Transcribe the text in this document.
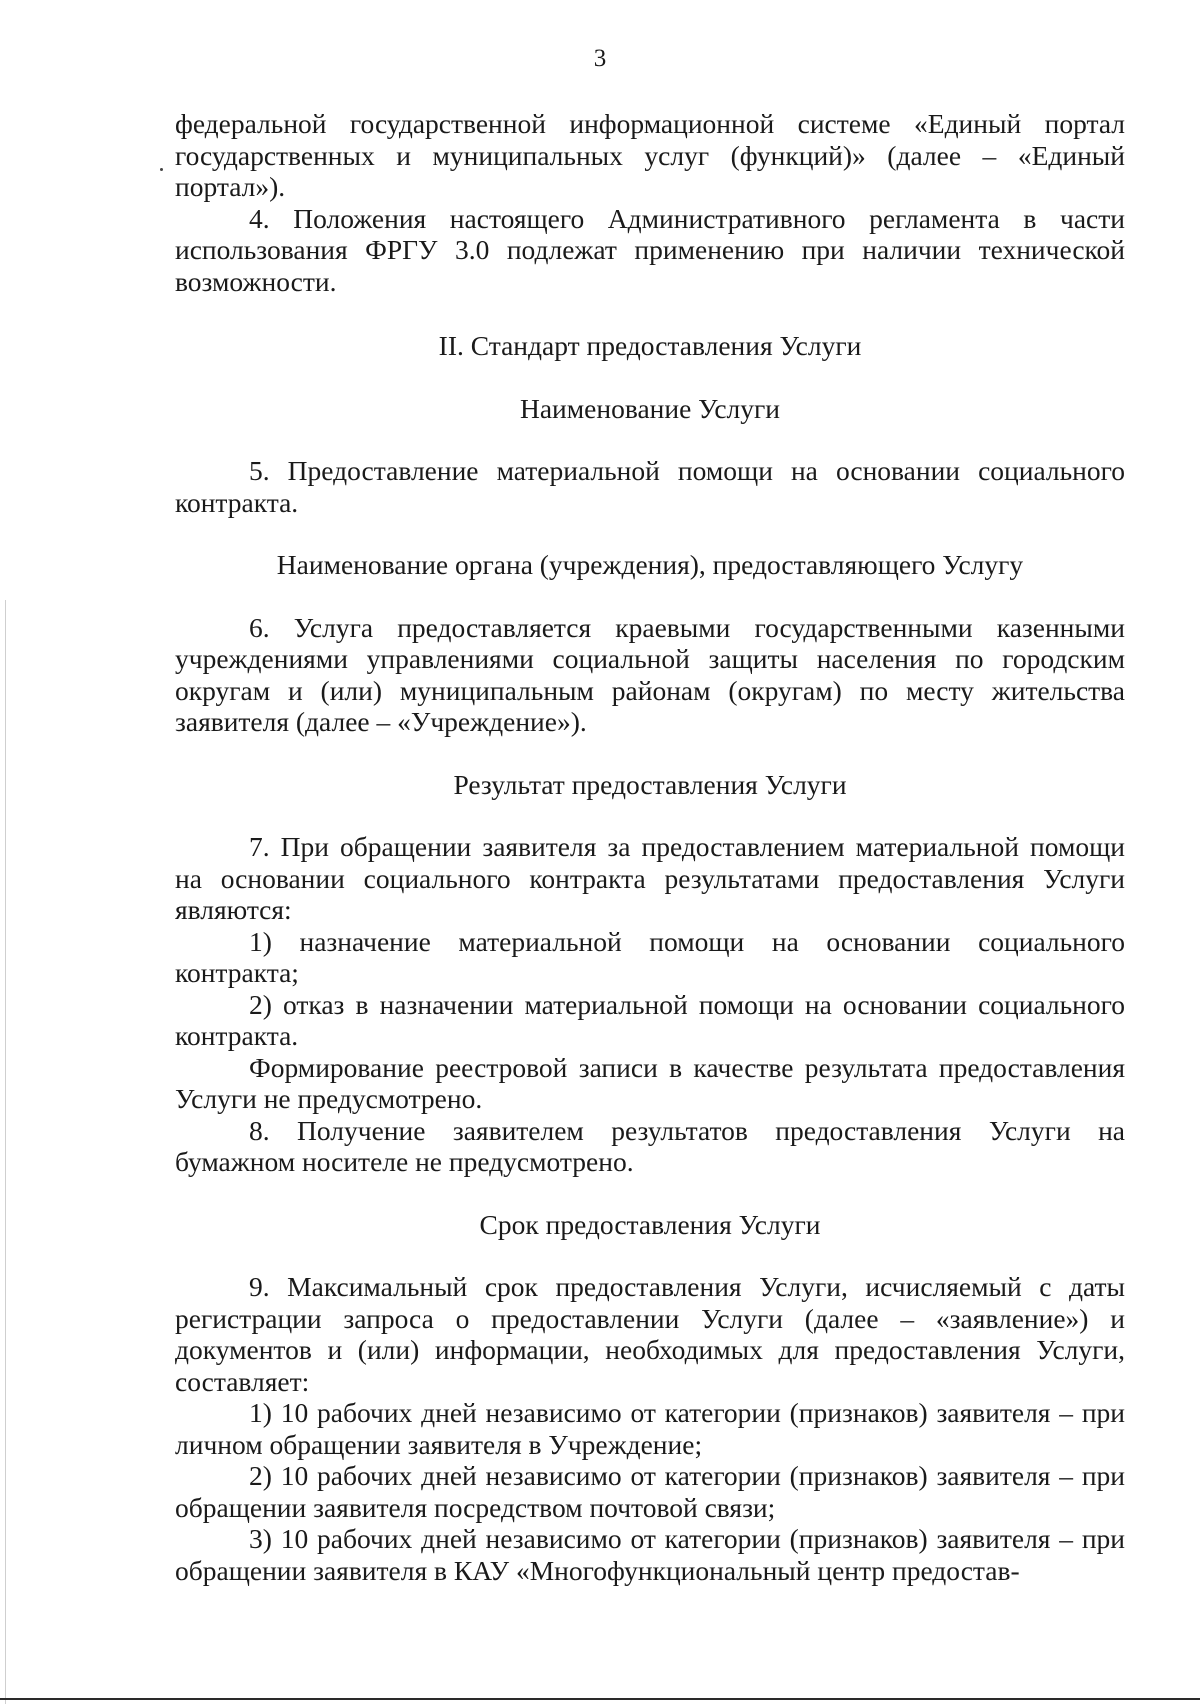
3

федеральной государственной информационной системе «Единый портал государственных и муниципальных услуг (функций)» (далее – «Единый портал»).

4. Положения настоящего Административного регламента в части использования ФРГУ 3.0 подлежат применению при наличии технической возможности.

II. Стандарт предоставления Услуги

Наименование Услуги

5. Предоставление материальной помощи на основании социального контракта.

Наименование органа (учреждения), предоставляющего Услугу

6. Услуга предоставляется краевыми государственными казенными учреждениями управлениями социальной защиты населения по городским округам и (или) муниципальным районам (округам) по месту жительства заявителя (далее – «Учреждение»).

Результат предоставления Услуги

7. При обращении заявителя за предоставлением материальной помощи на основании социального контракта результатами предоставления Услуги являются:

1) назначение материальной помощи на основании социального контракта;

2) отказ в назначении материальной помощи на основании социального контракта.

Формирование реестровой записи в качестве результата предоставления Услуги не предусмотрено.

8. Получение заявителем результатов предоставления Услуги на бумажном носителе не предусмотрено.

Срок предоставления Услуги

9. Максимальный срок предоставления Услуги, исчисляемый с даты регистрации запроса о предоставлении Услуги (далее – «заявление») и документов и (или) информации, необходимых для предоставления Услуги, составляет:

1) 10 рабочих дней независимо от категории (признаков) заявителя – при личном обращении заявителя в Учреждение;

2) 10 рабочих дней независимо от категории (признаков) заявителя – при обращении заявителя посредством почтовой связи;

3) 10 рабочих дней независимо от категории (признаков) заявителя – при обращении заявителя в КАУ «Многофункциональный центр предостав-
